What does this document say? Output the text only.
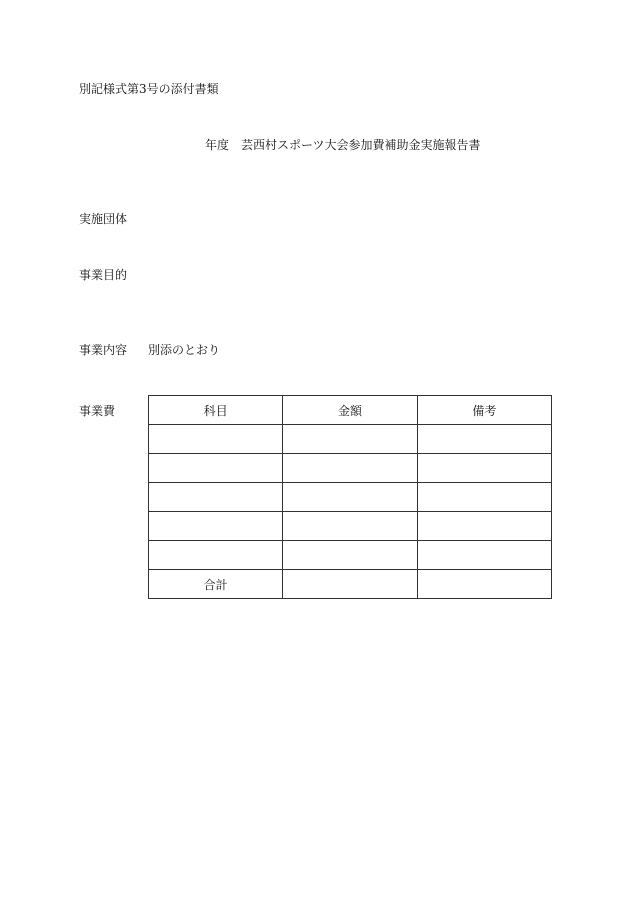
別記様式第3号の添付書類
年度　芸西村スポーツ大会参加費補助金実施報告書
実施団体
事業目的
事業内容 別添のとおり
事業費	科目	金額	備考

合計		
